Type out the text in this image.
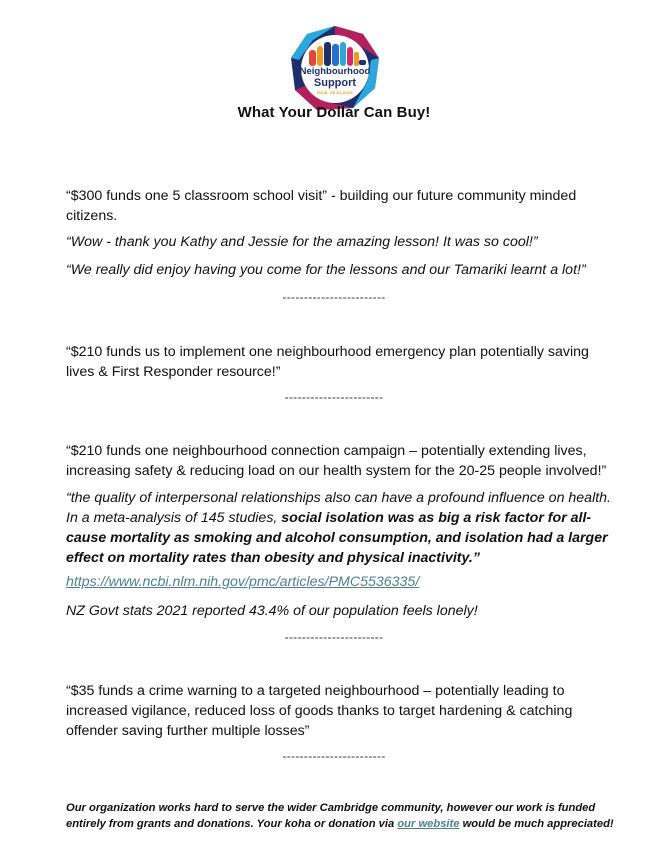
Neighbourhood
Support
NEW ZEALAND
What Your Dollar Can Buy!

“$300 funds one 5 classroom school visit” - building our future community minded citizens.

“Wow - thank you Kathy and Jessie for the amazing lesson! It was so cool!”

“We really did enjoy having you come for the lessons and our Tamariki learnt a lot!”

------------------------

“$210 funds us to implement one neighbourhood emergency plan potentially saving lives & First Responder resource!”

-----------------------

“$210 funds one neighbourhood connection campaign – potentially extending lives, increasing safety & reducing load on our health system for the 20-25 people involved!”

“the quality of interpersonal relationships also can have a profound influence on health. In a meta-analysis of 145 studies, social isolation was as big a risk factor for all-cause mortality as smoking and alcohol consumption, and isolation had a larger effect on mortality rates than obesity and physical inactivity.”

https://www.ncbi.nlm.nih.gov/pmc/articles/PMC5536335/

NZ Govt stats 2021 reported 43.4% of our population feels lonely!

-----------------------

“$35 funds a crime warning to a targeted neighbourhood – potentially leading to increased vigilance, reduced loss of goods thanks to target hardening & catching offender saving further multiple losses”

------------------------
Our organization works hard to serve the wider Cambridge community, however our work is funded entirely from grants and donations. Your koha or donation via our website would be much appreciated!
